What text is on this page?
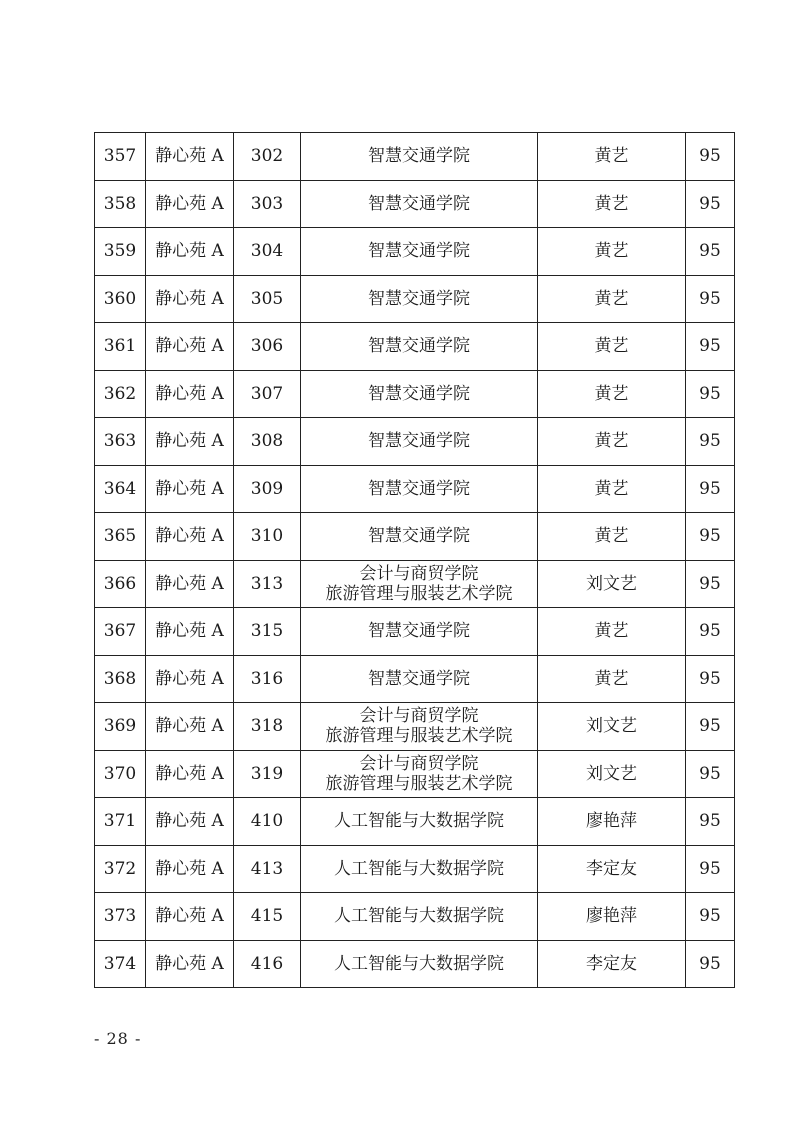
357	静心苑 A	302	智慧交通学院	黄艺	95
358	静心苑 A	303	智慧交通学院	黄艺	95
359	静心苑 A	304	智慧交通学院	黄艺	95
360	静心苑 A	305	智慧交通学院	黄艺	95
361	静心苑 A	306	智慧交通学院	黄艺	95
362	静心苑 A	307	智慧交通学院	黄艺	95
363	静心苑 A	308	智慧交通学院	黄艺	95
364	静心苑 A	309	智慧交通学院	黄艺	95
365	静心苑 A	310	智慧交通学院	黄艺	95
366	静心苑 A	313	会计与商贸学院
旅游管理与服装艺术学院	刘文艺	95
367	静心苑 A	315	智慧交通学院	黄艺	95
368	静心苑 A	316	智慧交通学院	黄艺	95
369	静心苑 A	318	会计与商贸学院
旅游管理与服装艺术学院	刘文艺	95
370	静心苑 A	319	会计与商贸学院
旅游管理与服装艺术学院	刘文艺	95
371	静心苑 A	410	人工智能与大数据学院	廖艳萍	95
372	静心苑 A	413	人工智能与大数据学院	李定友	95
373	静心苑 A	415	人工智能与大数据学院	廖艳萍	95
374	静心苑 A	416	人工智能与大数据学院	李定友	95
- 28 -
